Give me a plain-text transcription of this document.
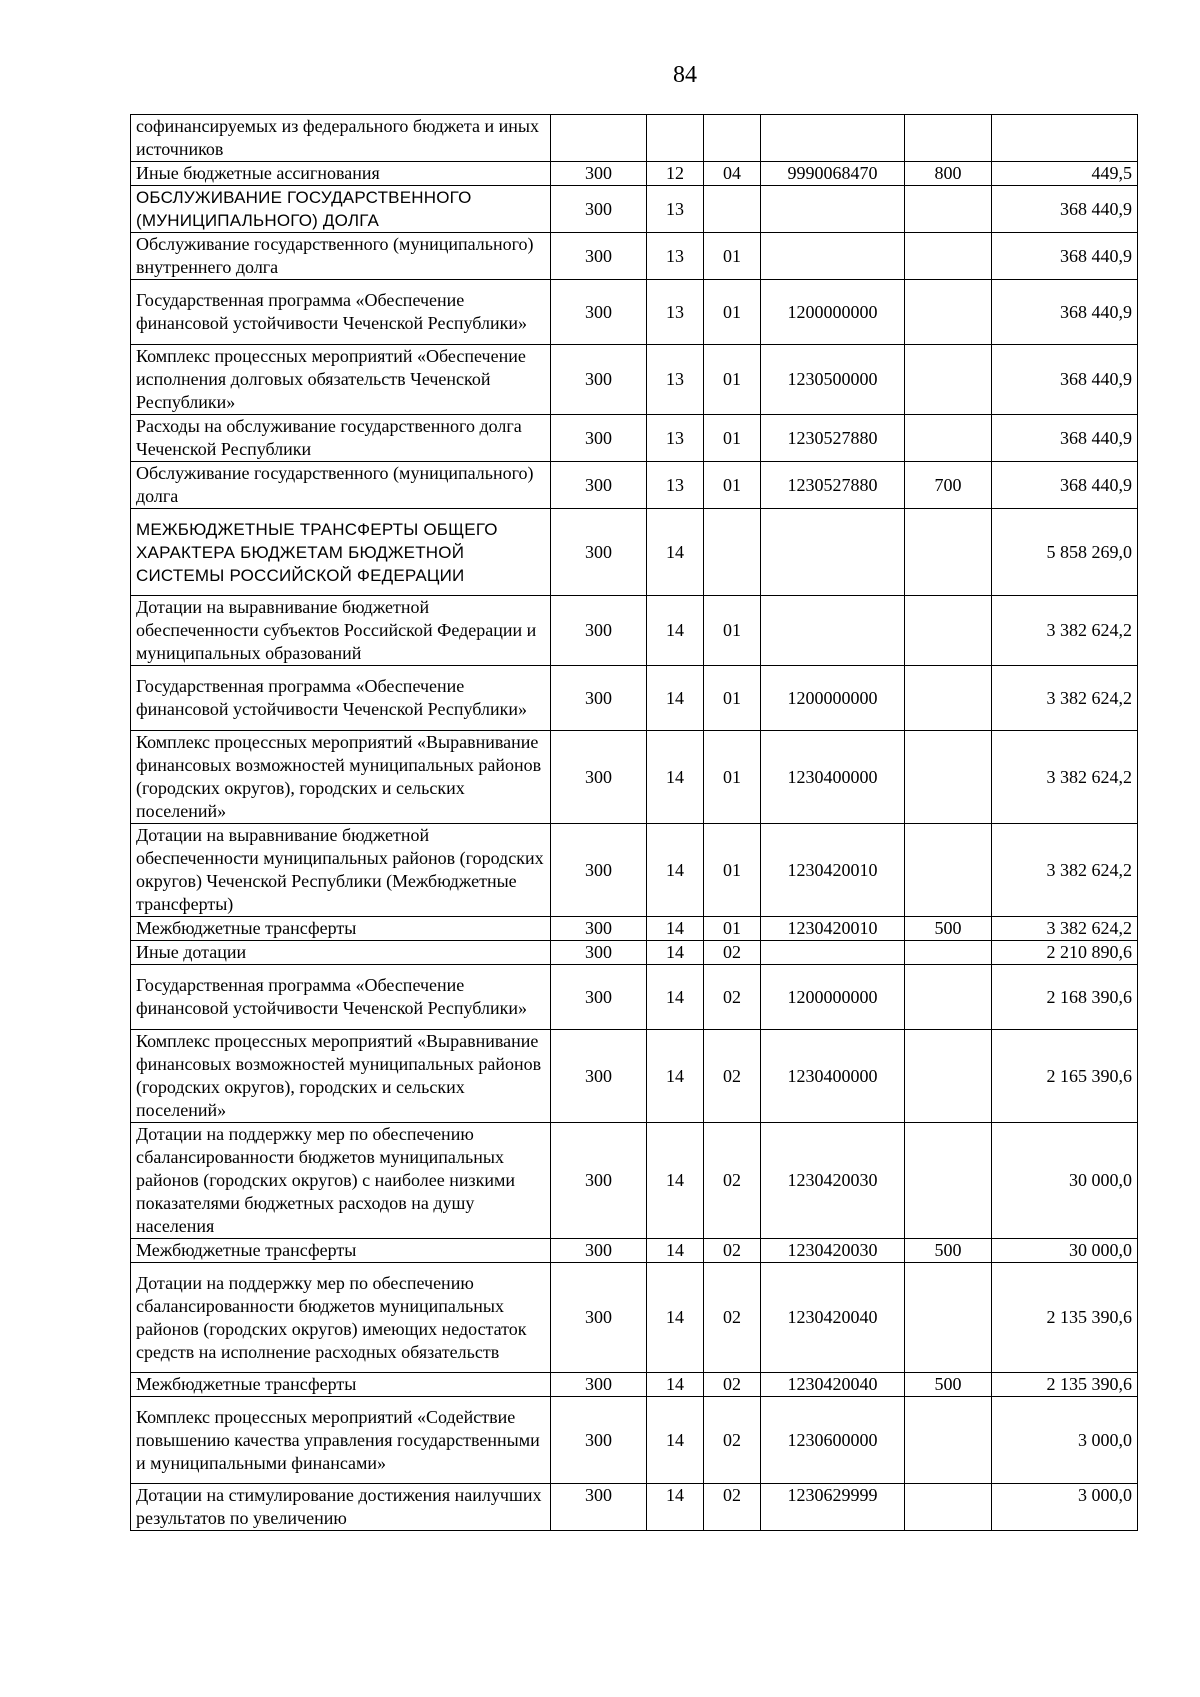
84
софинансируемых из федерального бюджета и иных источников						
Иные бюджетные ассигнования	300	12	04	9990068470	800	449,5
ОБСЛУЖИВАНИЕ ГОСУДАРСТВЕННОГО (МУНИЦИПАЛЬНОГО) ДОЛГА	300	13				368 440,9
Обслуживание государственного (муниципального) внутреннего долга	300	13	01			368 440,9
Государственная программа «Обеспечение финансовой устойчивости Чеченской Республики»	300	13	01	1200000000		368 440,9
Комплекс процессных мероприятий «Обеспечение исполнения долговых обязательств Чеченской Республики»	300	13	01	1230500000		368 440,9
Расходы на обслуживание государственного долга Чеченской Республики	300	13	01	1230527880		368 440,9
Обслуживание государственного (муниципального) долга	300	13	01	1230527880	700	368 440,9
МЕЖБЮДЖЕТНЫЕ ТРАНСФЕРТЫ ОБЩЕГО ХАРАКТЕРА БЮДЖЕТАМ БЮДЖЕТНОЙ СИСТЕМЫ РОССИЙСКОЙ ФЕДЕРАЦИИ	300	14				5 858 269,0
Дотации на выравнивание бюджетной обеспеченности субъектов Российской Федерации и муниципальных образований	300	14	01			3 382 624,2
Государственная программа «Обеспечение финансовой устойчивости Чеченской Республики»	300	14	01	1200000000		3 382 624,2
Комплекс процессных мероприятий «Выравнивание финансовых возможностей муниципальных районов (городских округов), городских и сельских поселений»	300	14	01	1230400000		3 382 624,2
Дотации на выравнивание бюджетной обеспеченности муниципальных районов (городских округов) Чеченской Республики (Межбюджетные трансферты)	300	14	01	1230420010		3 382 624,2
Межбюджетные трансферты	300	14	01	1230420010	500	3 382 624,2
Иные дотации	300	14	02			2 210 890,6
Государственная программа «Обеспечение финансовой устойчивости Чеченской Республики»	300	14	02	1200000000		2 168 390,6
Комплекс процессных мероприятий «Выравнивание финансовых возможностей муниципальных районов (городских округов), городских и сельских поселений»	300	14	02	1230400000		2 165 390,6
Дотации на поддержку мер по обеспечению сбалансированности бюджетов муниципальных районов (городских округов) с наиболее низкими показателями бюджетных расходов на душу населения	300	14	02	1230420030		30 000,0
Межбюджетные трансферты	300	14	02	1230420030	500	30 000,0
Дотации на поддержку мер по обеспечению сбалансированности бюджетов муниципальных районов (городских округов) имеющих недостаток средств на исполнение расходных обязательств	300	14	02	1230420040		2 135 390,6
Межбюджетные трансферты	300	14	02	1230420040	500	2 135 390,6
Комплекс процессных мероприятий «Содействие повышению качества управления государственными и муниципальными финансами»	300	14	02	1230600000		3 000,0
Дотации на стимулирование достижения наилучших результатов по увеличению	300	14	02	1230629999		3 000,0
